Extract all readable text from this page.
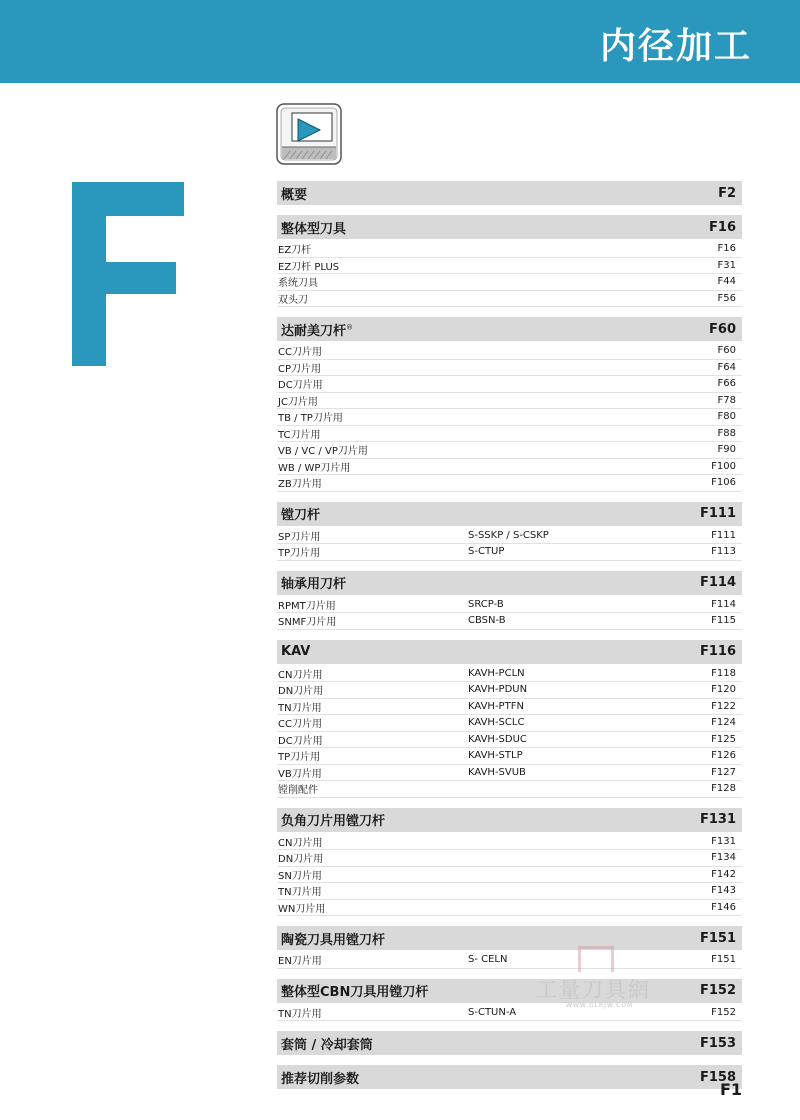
内径加工
概要	F2
整体型刀具	F16
EZ刀杆	F16
EZ刀杆 PLUS	F31
系统刀具	F44
双头刀	F56
达耐美刀杆®	F60
CC刀片用	F60
CP刀片用	F64
DC刀片用	F66
JC刀片用	F78
TB / TP刀片用	F80
TC刀片用	F88
VB / VC / VP刀片用	F90
WB / WP刀片用	F100
ZB刀片用	F106
镗刀杆	F111
SP刀片用	S-SSKP / S-CSKP	F111
TP刀片用	S-CTUP	F113
轴承用刀杆	F114
RPMT刀片用	SRCP-B	F114
SNMF刀片用	CBSN-B	F115
KAV	F116
CN刀片用	KAVH-PCLN	F118
DN刀片用	KAVH-PDUN	F120
TN刀片用	KAVH-PTFN	F122
CC刀片用	KAVH-SCLC	F124
DC刀片用	KAVH-SDUC	F125
TP刀片用	KAVH-STLP	F126
VB刀片用	KAVH-SVUB	F127
镗削配件	F128
负角刀片用镗刀杆	F131
CN刀片用	F131
DN刀片用	F134
SN刀片用	F142
TN刀片用	F143
WN刀片用	F146
陶瓷刀具用镗刀杆	F151
EN刀片用	S- CELN	F151
整体型CBN刀具用镗刀杆	F152
TN刀片用	S-CTUN-A	F152
套筒 / 冷却套筒	F153
推荐切削参数	F158
工量刀具網
WWW.GLRJW.COM
F1
